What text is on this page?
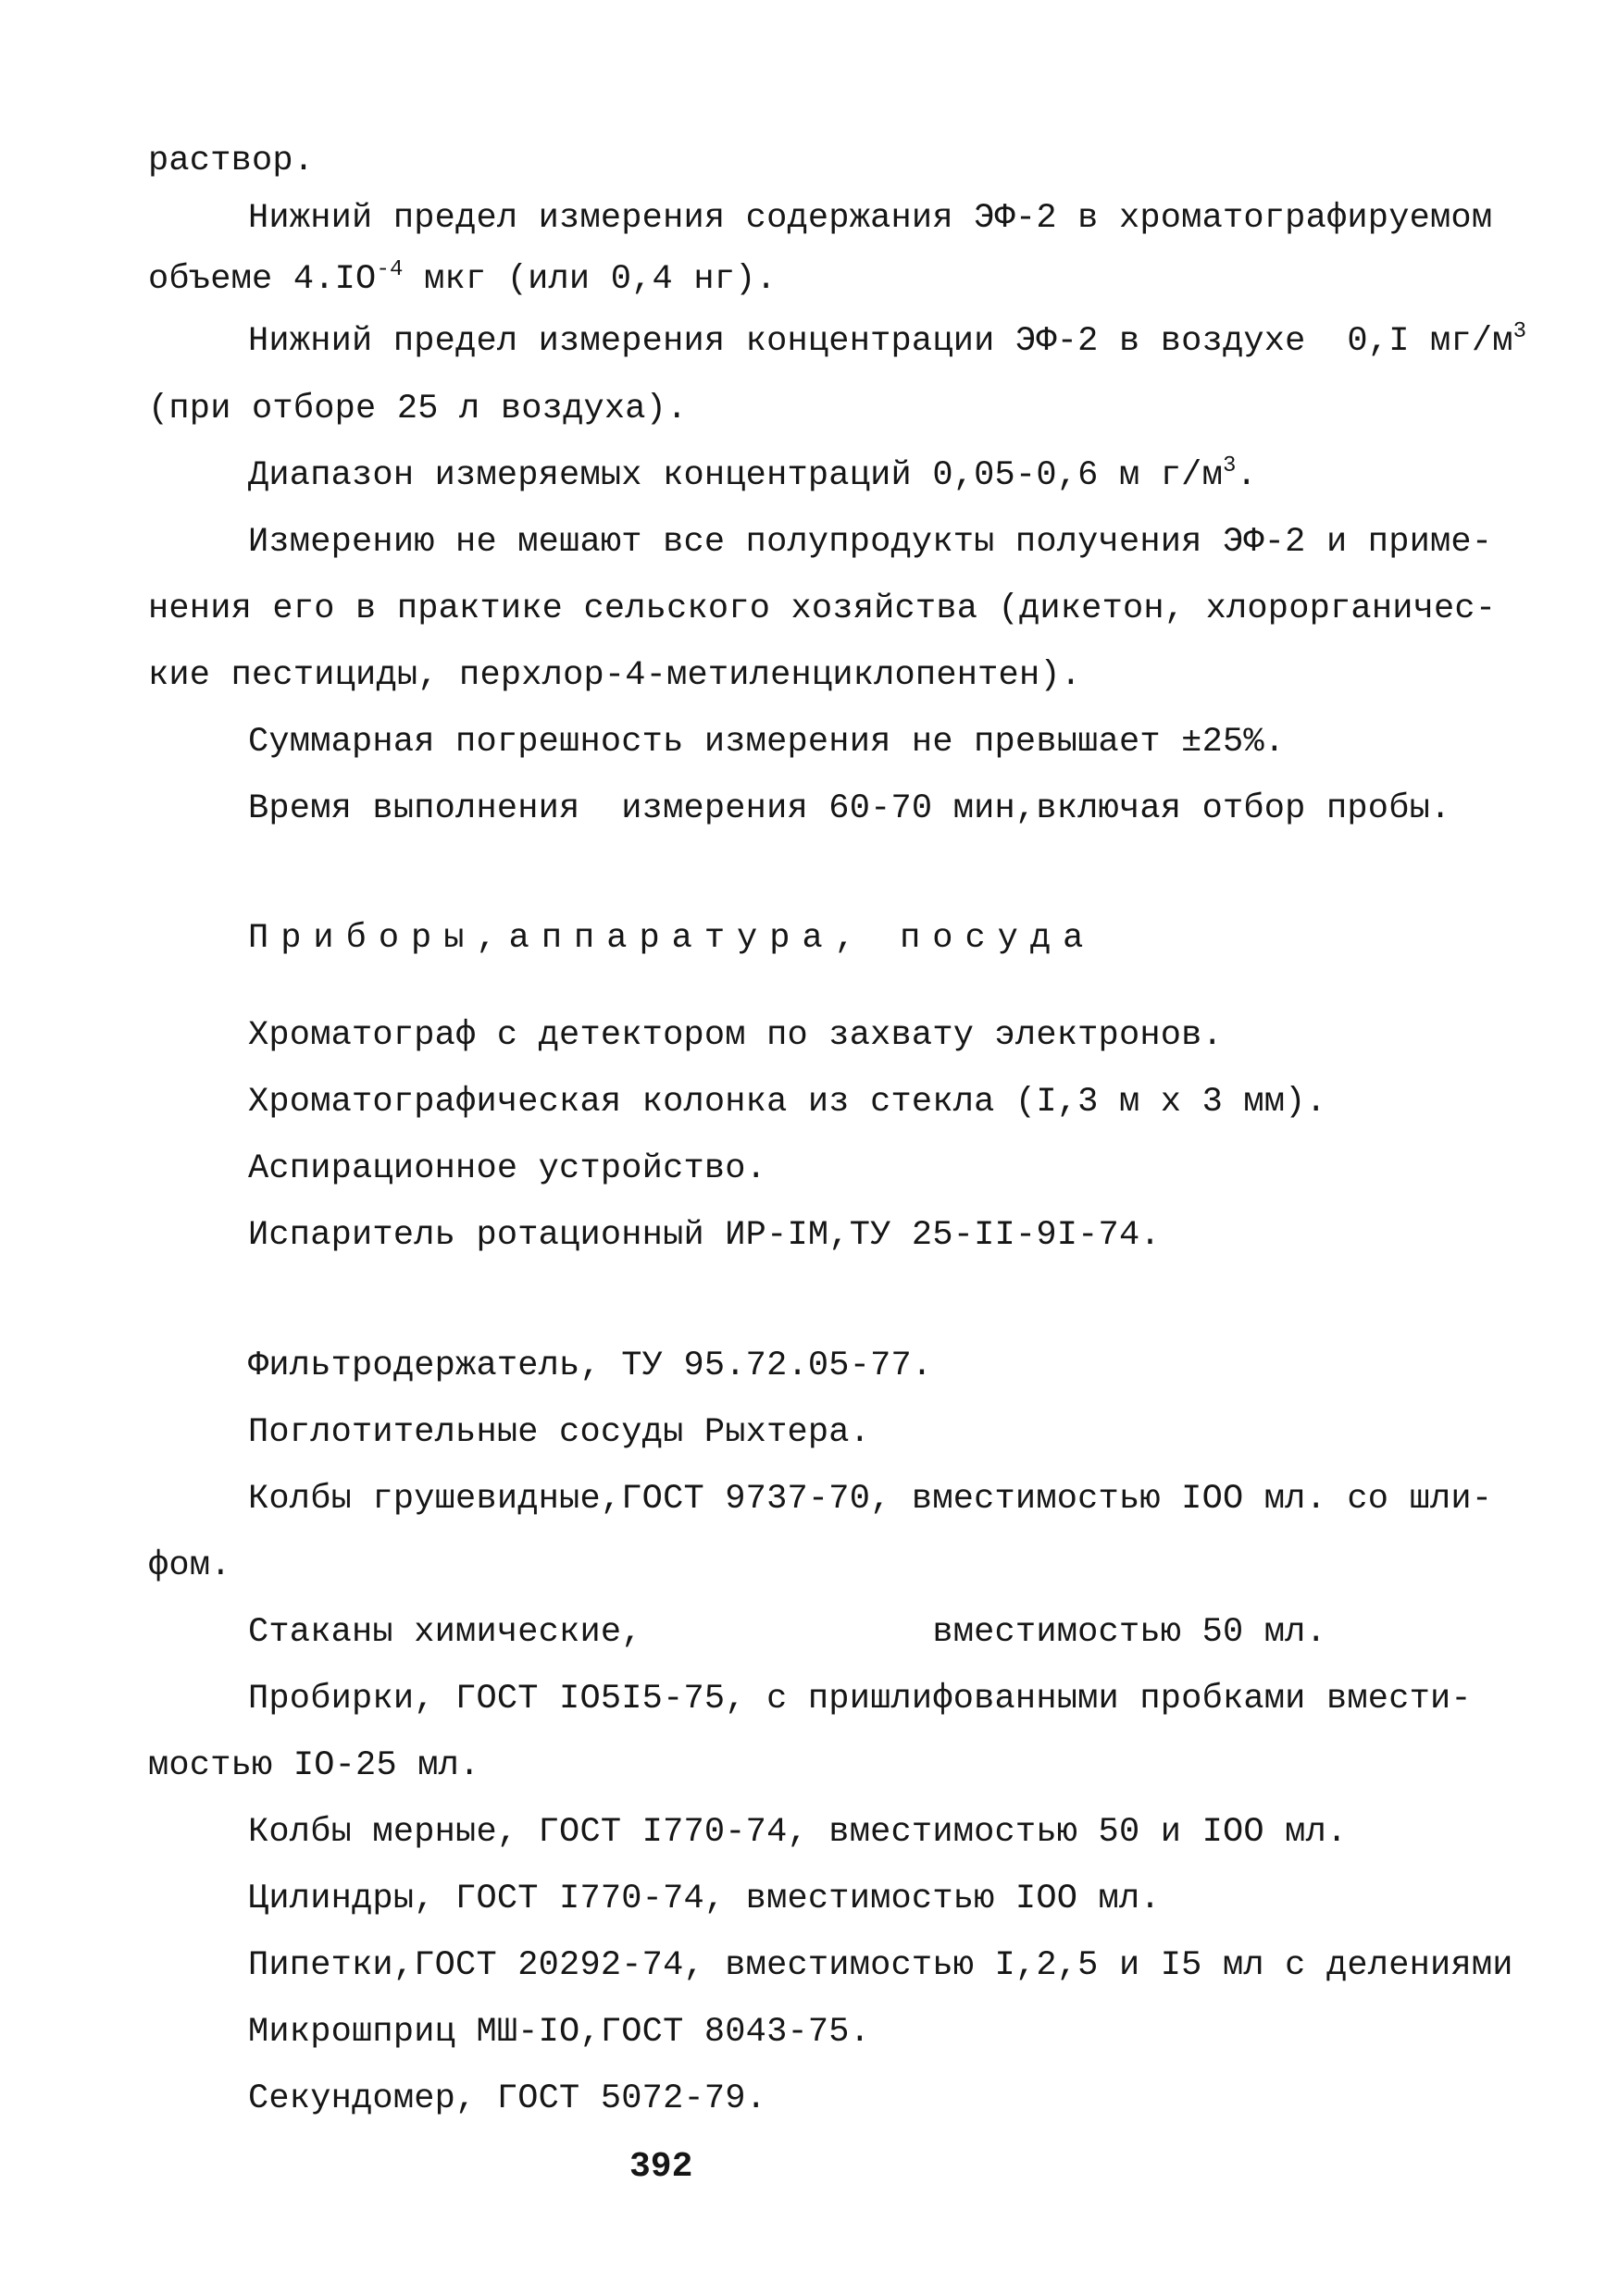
раствор.
Нижний предел измерения содержания ЭФ-2 в хроматографируемом
объеме $4.IO^{-4}$ мкг (или 0,4 нг).
Нижний предел измерения концентрации ЭФ-2 в воздухе  0,I $мг/м^3$
(при отборе 25 л воздуха).
Диапазон измеряемых концентраций 0,05-0,6 м $г/м^3$.
Измерению не мешают все полупродукты получения ЭФ-2 и приме-
нения его в практике сельского хозяйства (дикетон, хлорорганичес-
кие пестициды, перхлор-4-метиленциклопентен).
Суммарная погрешность измерения не превышает ±25%.
Время выполнения  измерения 60-70 мин,включая отбор пробы.
Приборы,аппаратура, посуда
Хроматограф с детектором по захвату электронов.
Хроматографическая колонка из стекла (I,3 м х 3 мм).
Аспирационное устройство.
Испаритель ротационный ИР-IM,ТУ 25-II-9I-74.
Фильтродержатель, ТУ 95.72.05-77.
Поглотительные сосуды Рыхтера.
Колбы грушевидные,ГОСТ 9737-70, вместимостью IOO мл. со шли-
фом.
Стаканы химические,              вместимостью 50 мл.
Пробирки, ГОСТ IO5I5-75, с пришлифованными пробками вмести-
мостью IO-25 мл.
Колбы мерные, ГОСТ I770-74, вместимостью 50 и IOO мл.
Цилиндры, ГОСТ I770-74, вместимостью IOO мл.
Пипетки,ГОСТ 20292-74, вместимостью I,2,5 и I5 мл с делениями
Микрошприц МШ-IO,ГОСТ 8043-75.
Секундомер, ГОСТ 5072-79.
392
